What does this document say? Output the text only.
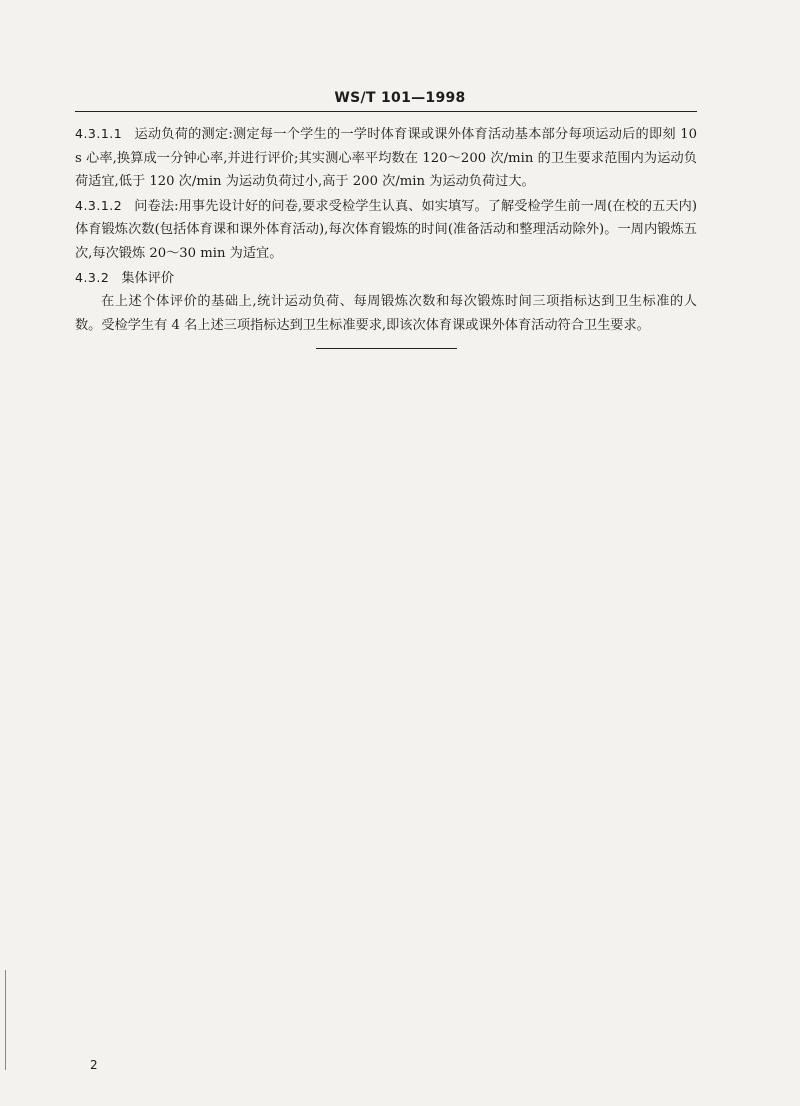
WS/T 101—1998

4.3.1.1 运动负荷的测定:测定每一个学生的一学时体育课或课外体育活动基本部分每项运动后的即刻 10 s 心率,换算成一分钟心率,并进行评价;其实测心率平均数在 120～200 次/min 的卫生要求范围内为运动负荷适宜,低于 120 次/min 为运动负荷过小,高于 200 次/min 为运动负荷过大。

4.3.1.2 问卷法:用事先设计好的问卷,要求受检学生认真、如实填写。了解受检学生前一周(在校的五天内)体育锻炼次数(包括体育课和课外体育活动),每次体育锻炼的时间(准备活动和整理活动除外)。一周内锻炼五次,每次锻炼 20～30 min 为适宜。

4.3.2 集体评价

在上述个体评价的基础上,统计运动负荷、每周锻炼次数和每次锻炼时间三项指标达到卫生标准的人数。受检学生有 4 名上述三项指标达到卫生标准要求,即该次体育课或课外体育活动符合卫生要求。

2
